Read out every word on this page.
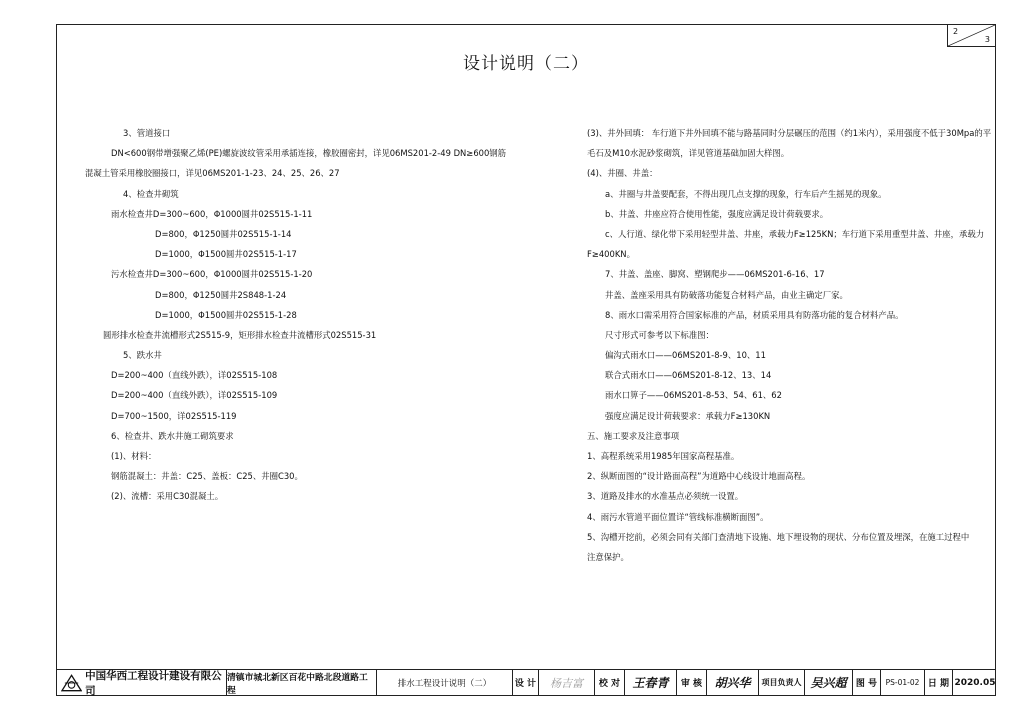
2
3
设计说明（二）
3、管道接口
DN<600钢带增强聚乙烯(PE)螺旋波纹管采用承插连接，橡胶圈密封，详见06MS201-2-49 DN≥600钢筋
混凝土管采用橡胶圈接口，详见06MS201-1-23、24、25、26、27
4、检查井砌筑
雨水检查井D=300~600，Φ1000圆井02S515-1-11
D=800，Φ1250圆井02S515-1-14
D=1000，Φ1500圆井02S515-1-17
污水检查井D=300~600，Φ1000圆井02S515-1-20
D=800，Φ1250圆井2S848-1-24
D=1000，Φ1500圆井02S515-1-28
圆形排水检查井流槽形式2S515-9，矩形排水检查井流槽形式02S515-31
5、跌水井
D=200~400（直线外跌），详02S515-108
D=200~400（直线外跌），详02S515-109
D=700~1500，详02S515-119
6、检查井、跌水井施工砌筑要求
(1)、材料：
钢筋混凝土：井盖：C25、盖板：C25、井圈C30。
(2)、流槽：采用C30混凝土。
(3)、井外回填： 车行道下井外回填不能与路基同时分层碾压的范围（约1米内），采用强度不低于30Mpa的平
毛石及M10水泥砂浆砌筑，详见管道基础加固大样图。
(4)、井圈、井盖：
a、井圈与井盖要配套，不得出现几点支撑的现象，行车后产生摇晃的现象。
b、井盖、井座应符合使用性能，强度应满足设计荷载要求。
c、人行道、绿化带下采用轻型井盖、井座，承载力F≥125KN；车行道下采用重型井盖、井座，承载力
F≥400KN。
7、井盖、盖座、脚窝、塑钢爬步——06MS201-6-16、17
井盖、盖座采用具有防破落功能复合材料产品，由业主确定厂家。
8、雨水口需采用符合国家标准的产品，材质采用具有防落功能的复合材料产品。
尺寸形式可参考以下标准图：
偏沟式雨水口——06MS201-8-9、10、11
联合式雨水口——06MS201-8-12、13、14
雨水口箅子——06MS201-8-53、54、61、62
强度应满足设计荷载要求：承载力F≥130KN
五、施工要求及注意事项
1、高程系统采用1985年国家高程基准。
2、纵断面图的“设计路面高程”为道路中心线设计地面高程。
3、道路及排水的水准基点必须统一设置。
4、雨污水管道平面位置详“管线标准横断面图”。
5、沟槽开挖前，必须会同有关部门查清地下设施、地下埋设物的现状、分布位置及埋深，在施工过程中
注意保护。
中国华西工程设计建设有限公司
清镇市城北新区百花中路北段道路工程
排水工程设计说明（二）	设 计 杨吉富 校 对 王春青 审 核 胡兴华 项目负责人 吴兴超 图 号 PS-01-02 日 期 2020.05
